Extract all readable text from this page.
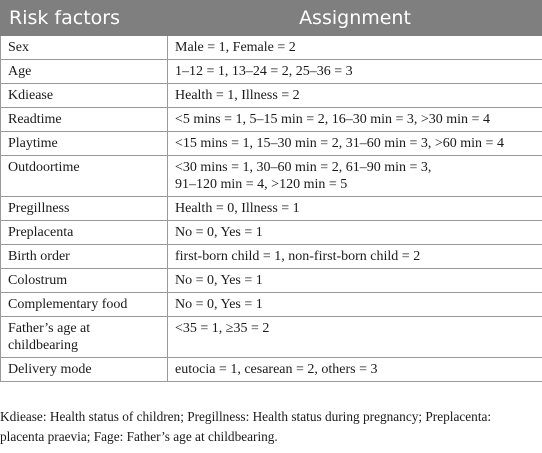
Risk factors	Assignment
Sex	Male = 1, Female = 2
Age	1–12 = 1, 13–24 = 2, 25–36 = 3
Kdiease	Health = 1, Illness = 2
Readtime	<5 mins = 1, 5–15 min = 2, 16–30 min = 3, >30 min = 4
Playtime	<15 mins = 1, 15–30 min = 2, 31–60 min = 3, >60 min = 4
Outdoortime	<30 mins = 1, 30–60 min = 2, 61–90 min = 3,
91–120 min = 4, >120 min = 5

Pregillness	Health = 0, Illness = 1
Preplacenta	No = 0, Yes = 1
Birth order	first-born child = 1, non-first-born child = 2
Colostrum	No = 0, Yes = 1
Complementary food	No = 0, Yes = 1

Father’s age at
childbearing	<35 = 1, ≥35 = 2
Delivery mode	eutocia = 1, cesarean = 2, others = 3
Kdiease: Health status of children; Pregillness: Health status during pregnancy; Preplacenta:
placenta praevia; Fage: Father’s age at childbearing.
